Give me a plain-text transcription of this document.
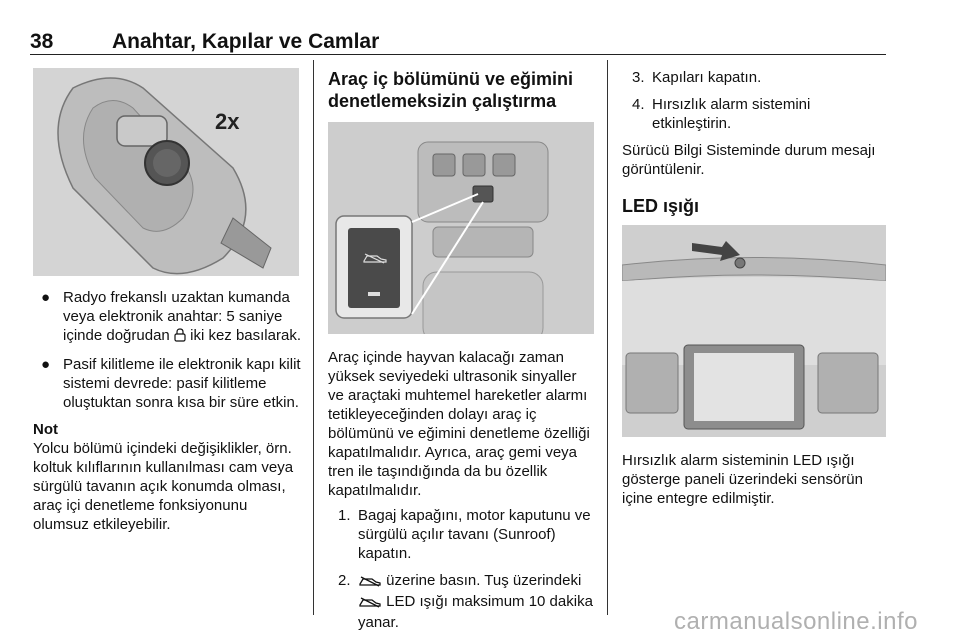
38	Anahtar, Kapılar ve Camlar
2x
● Radyo frekanslı uzaktan kumanda veya elektronik anahtar: 5 saniye içinde doğrudan iki kez basılarak.
● Pasif kilitleme ile elektronik kapı kilit sistemi devrede: pasif kilitleme oluştuktan sonra kısa bir süre etkin.

Not

Yolcu bölümü içindeki değişiklikler, örn. koltuk kılıflarının kullanılması cam veya sürgülü tavanın açık konumda olması, araç içi denetleme fonksiyonunu olumsuz etkileyebilir.

Araç iç bölümünü ve eğimini denetlemeksizin çalıştırma

Araç içinde hayvan kalacağı zaman yüksek seviyedeki ultrasonik sinyaller ve araçtaki muhtemel hareketler alarmı tetikleyeceğinden dolayı araç iç bölümünü ve eğimini denetleme özelliği kapatılmalıdır. Ayrıca, araç gemi veya tren ile taşındığında da bu özellik kapatılmalıdır.

1. Bagaj kapağını, motor kaputunu ve sürgülü açılır tavanı (Sunroof) kapatın.
2. üzerine basın. Tuş üzerindeki  LED ışığı maksimum 10 dakika yanar.
3. Kapıları kapatın.
4. Hırsızlık alarm sistemini etkinleştirin.

Sürücü Bilgi Sisteminde durum mesajı görüntülenir.

LED ışığı

Hırsızlık alarm sisteminin LED ışığı gösterge paneli üzerindeki sensörün içine entegre edilmiştir.

carmanualsonline.info
